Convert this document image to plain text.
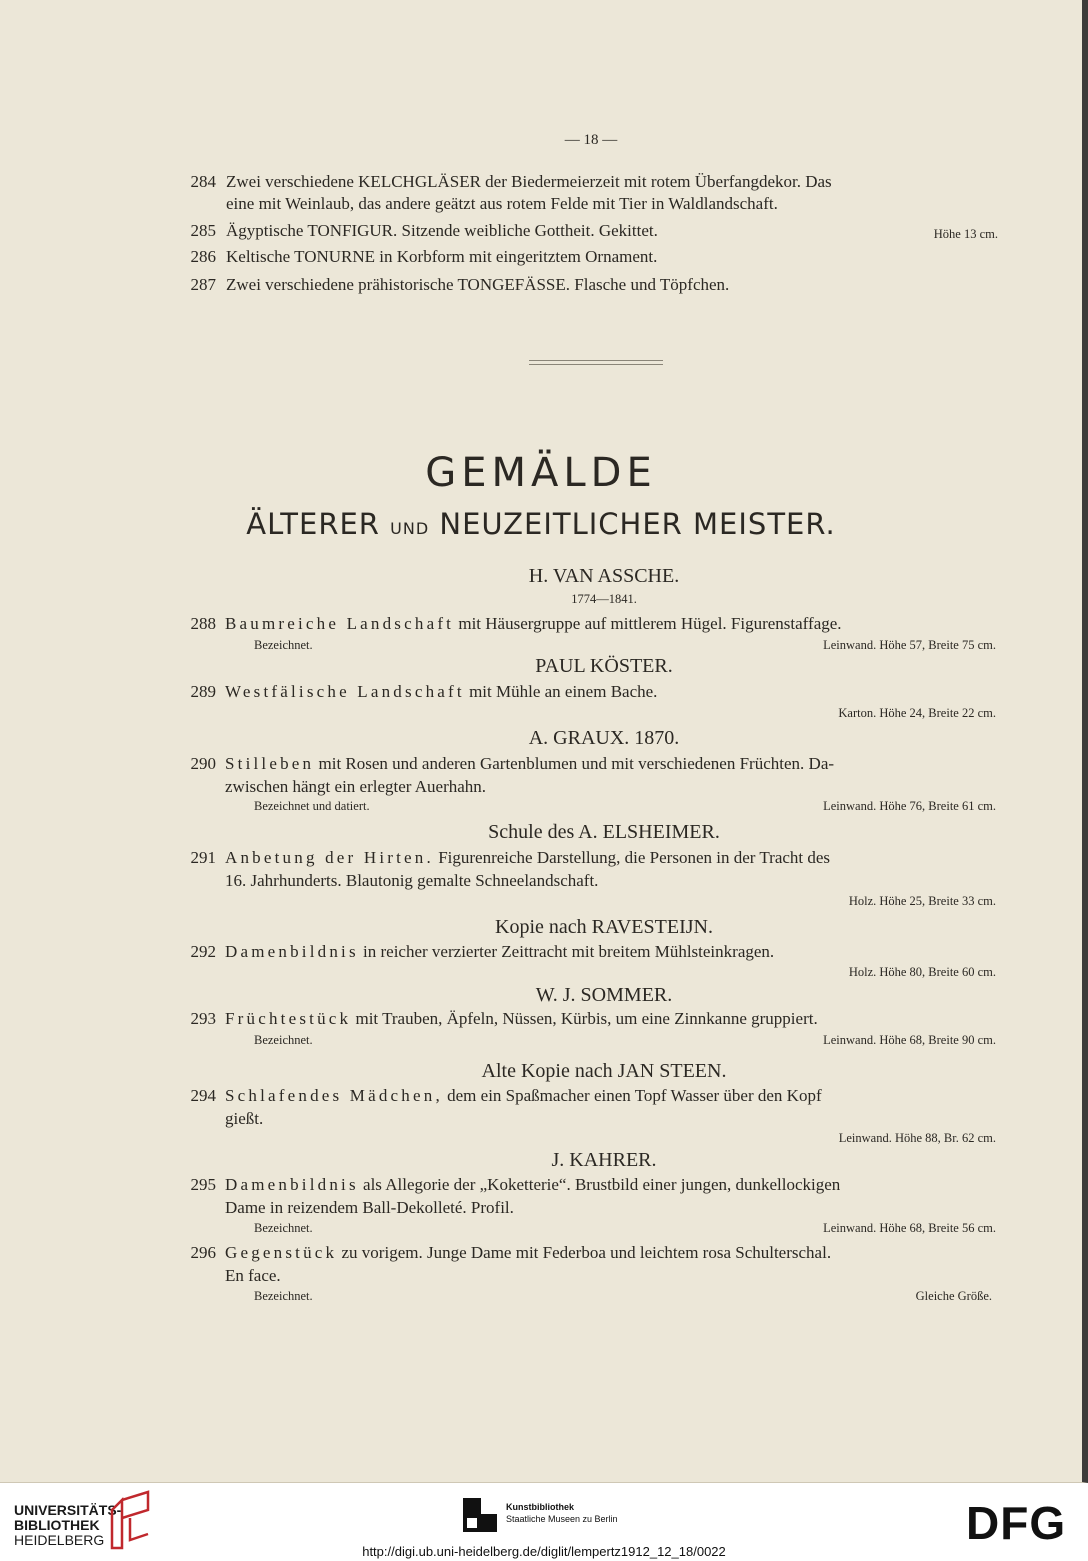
— 18 —
284 Zwei verschiedene KELCHGLÄSER der Biedermeierzeit mit rotem Überfangdekor. Das
eine mit Weinlaub, das andere geätzt aus rotem Felde mit Tier in Waldlandschaft.
285 Ägyptische TONFIGUR. Sitzende weibliche Gottheit. Gekittet.	Höhe 13 cm.
286 Keltische TONURNE in Korbform mit eingeritztem Ornament.
287 Zwei verschiedene prähistorische TONGEFÄSSE. Flasche und Töpfchen.
GEMÄLDE
ÄLTERER UND NEUZEITLICHER MEISTER.
H. VAN ASSCHE.
1774—1841.
288 Baumreiche Landschaft mit Häusergruppe auf mittlerem Hügel. Figurenstaffage.
Bezeichnet.	Leinwand. Höhe 57, Breite 75 cm.
PAUL KÖSTER.
289 Westfälische Landschaft mit Mühle an einem Bache.
Karton. Höhe 24, Breite 22 cm.
A. GRAUX. 1870.
290 Stilleben mit Rosen und anderen Gartenblumen und mit verschiedenen Früchten. Da-
zwischen hängt ein erlegter Auerhahn.
Bezeichnet und datiert.	Leinwand. Höhe 76, Breite 61 cm.
Schule des A. ELSHEIMER.
291 Anbetung der Hirten. Figurenreiche Darstellung, die Personen in der Tracht des
16. Jahrhunderts. Blautonig gemalte Schneelandschaft.
Holz. Höhe 25, Breite 33 cm.
Kopie nach RAVESTEIJN.
292 Damenbildnis in reicher verzierter Zeittracht mit breitem Mühlsteinkragen.
Holz. Höhe 80, Breite 60 cm.
W. J. SOMMER.
293 Früchtestück mit Trauben, Äpfeln, Nüssen, Kürbis, um eine Zinnkanne gruppiert.
Bezeichnet.	Leinwand. Höhe 68, Breite 90 cm.
Alte Kopie nach JAN STEEN.
294 Schlafendes Mädchen, dem ein Spaßmacher einen Topf Wasser über den Kopf
gießt.
Leinwand. Höhe 88, Br. 62 cm.
J. KAHRER.
295 Damenbildnis als Allegorie der „Koketterie“. Brustbild einer jungen, dunkellockigen
Dame in reizendem Ball-Dekolleté. Profil.
Bezeichnet.	Leinwand. Höhe 68, Breite 56 cm.
296 Gegenstück zu vorigem. Junge Dame mit Federboa und leichtem rosa Schulterschal.
En face.
Bezeichnet.	Gleiche Größe.
UNIVERSITÄTS-
BIBLIOTHEK
HEIDELBERG
Kunstbibliothek
Staatliche Museen zu Berlin	DFG
http://digi.ub.uni-heidelberg.de/diglit/lempertz1912_12_18/0022
